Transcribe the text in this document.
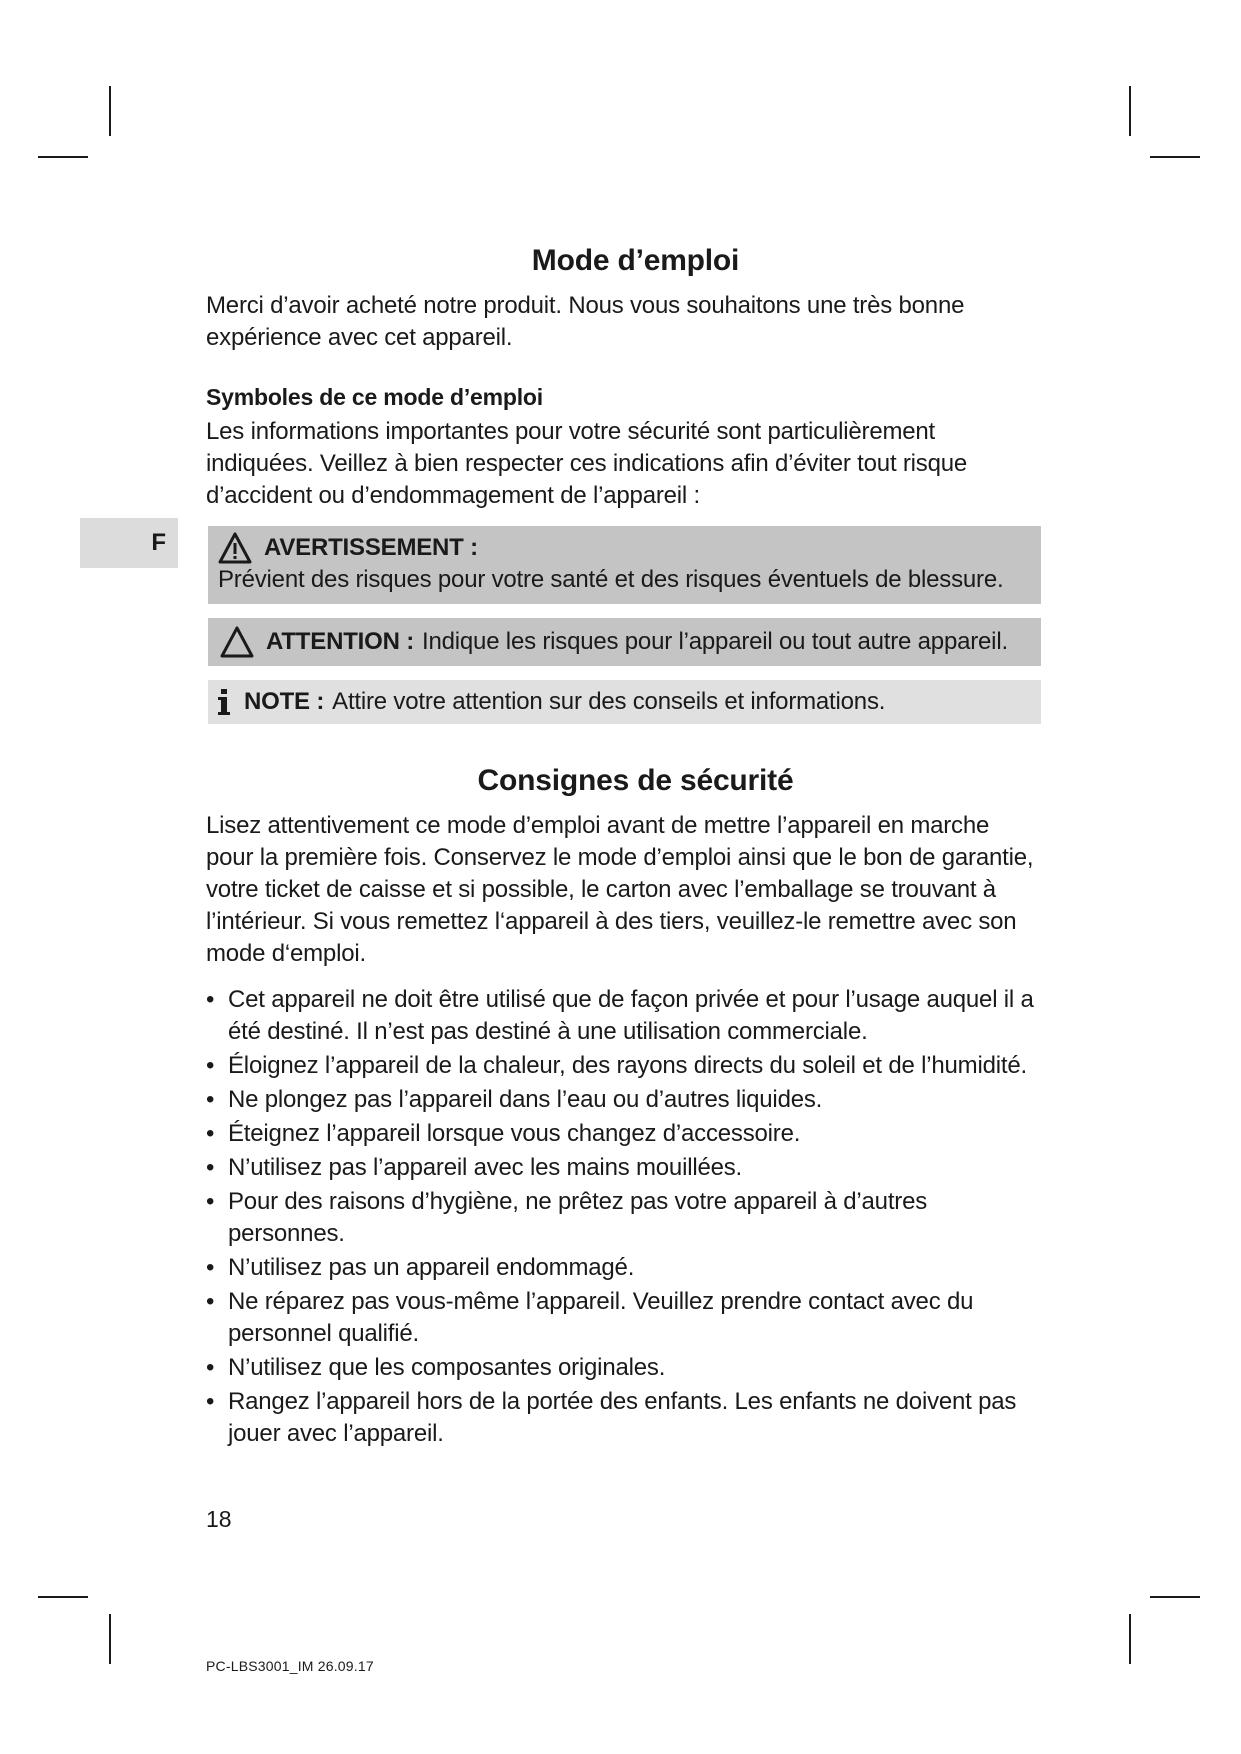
F
Mode d’emploi

Merci d’avoir acheté notre produit. Nous vous souhaitons une très bonne expérience avec cet appareil.

Symboles de ce mode d’emploi

Les informations importantes pour votre sécurité sont particulièrement indiquées. Veillez à bien respecter ces indications afin d’éviter tout risque d’accident ou d’endommagement de l’appareil :

AVERTISSEMENT :
Prévient des risques pour votre santé et des risques éventuels de blessure.
ATTENTION : Indique les risques pour l’appareil ou tout autre appareil.
NOTE : Attire votre attention sur des conseils et informations.
Consignes de sécurité

Lisez attentivement ce mode d’emploi avant de mettre l’appareil en marche pour la première fois. Conservez le mode d’emploi ainsi que le bon de garantie, votre ticket de caisse et si possible, le carton avec l’emballage se trouvant à l’intérieur. Si vous remettez l‘appareil à des tiers, veuillez-le remettre avec son mode d‘emploi.

• Cet appareil ne doit être utilisé que de façon privée et pour l’usage auquel il a été destiné. Il n’est pas destiné à une utilisation commerciale.
• Éloignez l’appareil de la chaleur, des rayons directs du soleil et de l’humidité.
• Ne plongez pas l’appareil dans l’eau ou d’autres liquides.
• Éteignez l’appareil lorsque vous changez d’accessoire.
• N’utilisez pas l’appareil avec les mains mouillées.
• Pour des raisons d’hygiène, ne prêtez pas votre appareil à d’autres personnes.
• N’utilisez pas un appareil endommagé.
• Ne réparez pas vous-même l’appareil. Veuillez prendre contact avec du personnel qualifié.
• N’utilisez que les composantes originales.
• Rangez l’appareil hors de la portée des enfants. Les enfants ne doivent pas jouer avec l’appareil.
18
PC-LBS3001_IM 26.09.17
